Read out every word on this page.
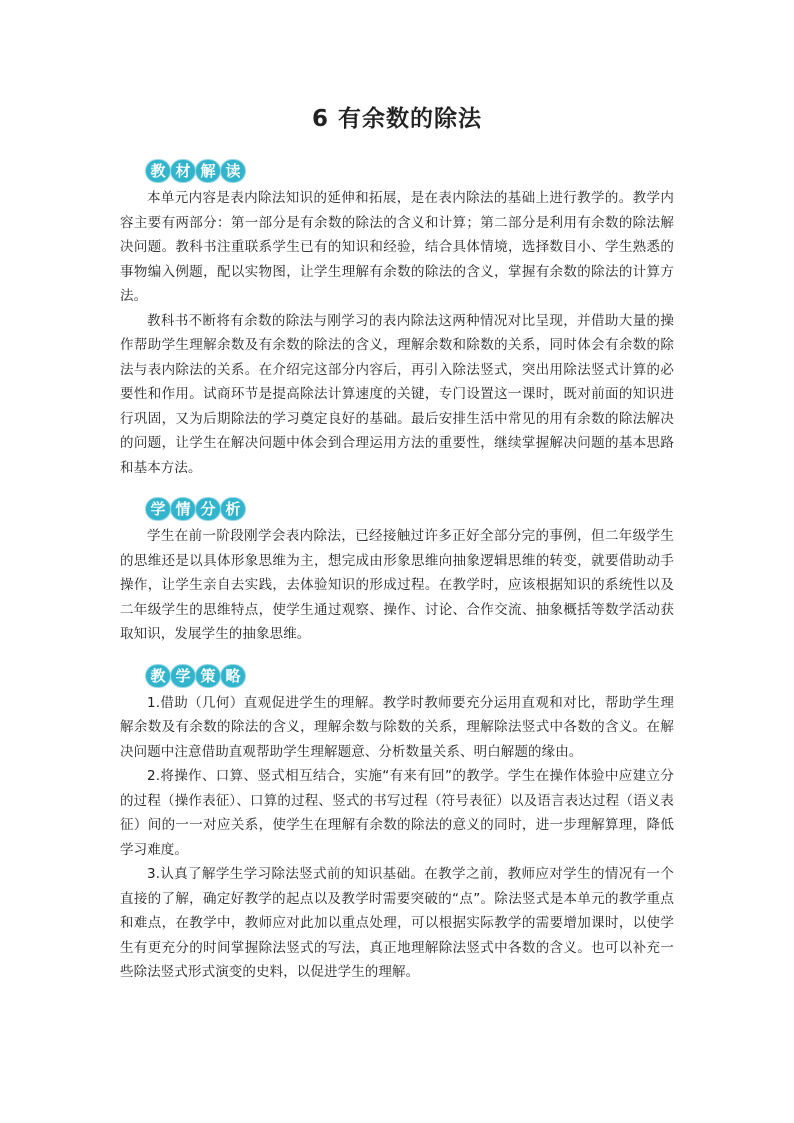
6 有余数的除法
教 材 解 读

本单元内容是表内除法知识的延伸和拓展，是在表内除法的基础上进行教学的。教学内容主要有两部分：第一部分是有余数的除法的含义和计算；第二部分是利用有余数的除法解决问题。教科书注重联系学生已有的知识和经验，结合具体情境，选择数目小、学生熟悉的事物编入例题，配以实物图，让学生理解有余数的除法的含义，掌握有余数的除法的计算方法。

教科书不断将有余数的除法与刚学习的表内除法这两种情况对比呈现，并借助大量的操作帮助学生理解余数及有余数的除法的含义，理解余数和除数的关系，同时体会有余数的除法与表内除法的关系。在介绍完这部分内容后，再引入除法竖式，突出用除法竖式计算的必要性和作用。试商环节是提高除法计算速度的关键，专门设置这一课时，既对前面的知识进行巩固，又为后期除法的学习奠定良好的基础。最后安排生活中常见的用有余数的除法解决的问题，让学生在解决问题中体会到合理运用方法的重要性，继续掌握解决问题的基本思路和基本方法。

学 情 分 析

学生在前一阶段刚学会表内除法，已经接触过许多正好全部分完的事例，但二年级学生的思维还是以具体形象思维为主，想完成由形象思维向抽象逻辑思维的转变，就要借助动手操作，让学生亲自去实践，去体验知识的形成过程。在教学时，应该根据知识的系统性以及二年级学生的思维特点，使学生通过观察、操作、讨论、合作交流、抽象概括等数学活动获取知识，发展学生的抽象思维。

教 学 策 略

1.借助（几何）直观促进学生的理解。教学时教师要充分运用直观和对比，帮助学生理解余数及有余数的除法的含义，理解余数与除数的关系，理解除法竖式中各数的含义。在解决问题中注意借助直观帮助学生理解题意、分析数量关系、明白解题的缘由。

2.将操作、口算、竖式相互结合，实施“有来有回”的教学。学生在操作体验中应建立分的过程（操作表征）、口算的过程、竖式的书写过程（符号表征）以及语言表达过程（语义表征）间的一一对应关系，使学生在理解有余数的除法的意义的同时，进一步理解算理，降低学习难度。

3.认真了解学生学习除法竖式前的知识基础。在教学之前，教师应对学生的情况有一个直接的了解，确定好教学的起点以及教学时需要突破的“点”。除法竖式是本单元的教学重点和难点，在教学中，教师应对此加以重点处理，可以根据实际教学的需要增加课时，以使学生有更充分的时间掌握除法竖式的写法，真正地理解除法竖式中各数的含义。也可以补充一些除法竖式形式演变的史料，以促进学生的理解。
